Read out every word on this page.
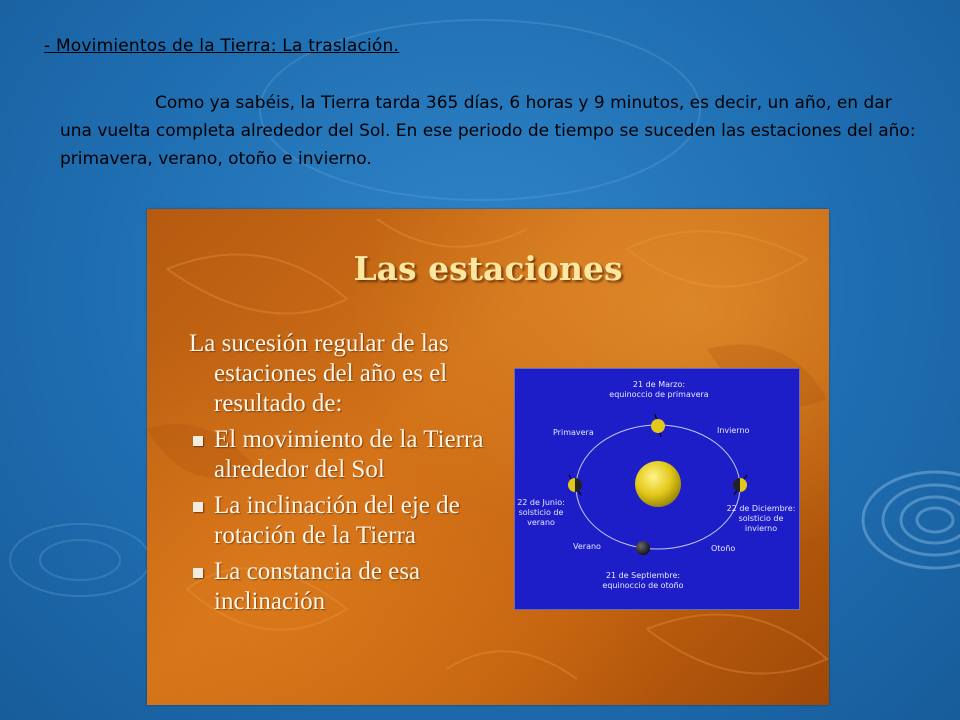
- Movimientos de la Tierra: La traslación.

Como ya sabéis, la Tierra tarda 365 días, 6 horas y 9 minutos, es decir, un año, en dar una vuelta completa alrededor del Sol. En ese periodo de tiempo se suceden las estaciones del año: primavera, verano, otoño e invierno.

Las estaciones

La sucesión regular de las estaciones del año es el resultado de:

El movimiento de la Tierra alrededor del Sol
La inclinación del eje de rotación de la Tierra
La constancia de esa inclinación
21 de Marzo:
equinoccio de primavera
Primavera	Invierno
22 de Junio:
solsticio de
verano
22 de Diciembre:
solsticio de
invierno
Verano	Otoño
21 de Septiembre:
equinoccio de otoño
